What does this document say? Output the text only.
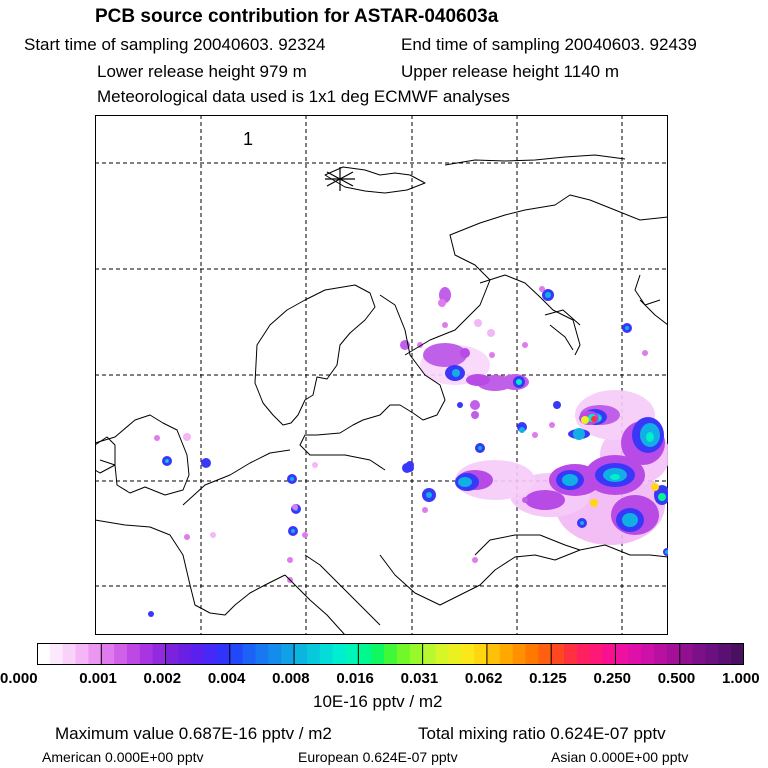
PCB source contribution for ASTAR-040603a
Start time of sampling 20040603. 92324	End time of sampling 20040603. 92439
Lower release height 979 m	Upper release height 1140 m
Meteorological data used is 1x1 deg ECMWF analyses
1
0.000	0.001 0.002 0.004 0.008 0.016 0.031 0.062 0.125 0.250 0.500 1.000
10E-16 pptv / m2
Maximum value 0.687E-16 pptv / m2	Total mixing ratio 0.624E-07 pptv
American 0.000E+00 pptv	European 0.624E-07 pptv	Asian 0.000E+00 pptv
